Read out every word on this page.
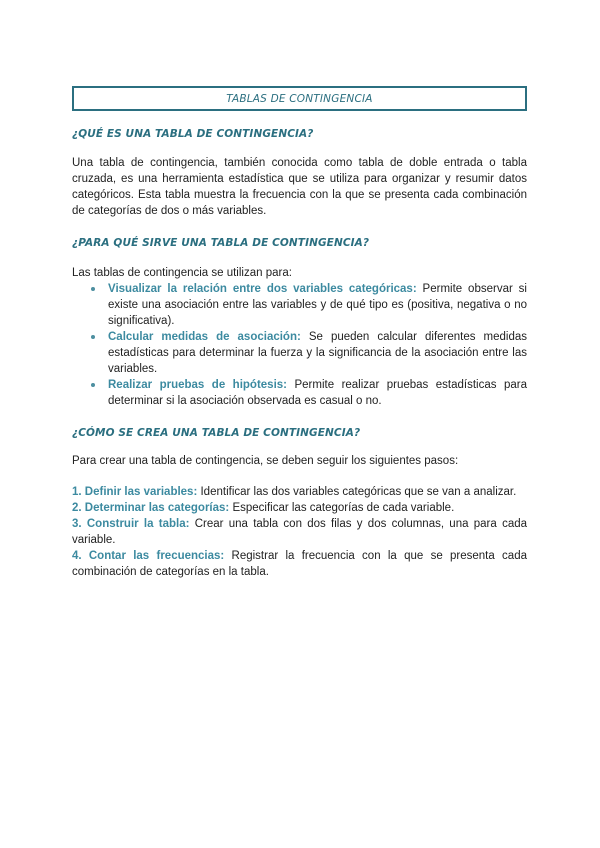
TABLAS DE CONTINGENCIA
¿QUÉ ES UNA TABLA DE CONTINGENCIA?

Una tabla de contingencia, también conocida como tabla de doble entrada o tabla cruzada, es una herramienta estadística que se utiliza para organizar y resumir datos categóricos. Esta tabla muestra la frecuencia con la que se presenta cada combinación de categorías de dos o más variables.

¿PARA QUÉ SIRVE UNA TABLA DE CONTINGENCIA?

Las tablas de contingencia se utilizan para:

Visualizar la relación entre dos variables categóricas: Permite observar si existe una asociación entre las variables y de qué tipo es (positiva, negativa o no significativa).
Calcular medidas de asociación: Se pueden calcular diferentes medidas estadísticas para determinar la fuerza y la significancia de la asociación entre las variables.
Realizar pruebas de hipótesis: Permite realizar pruebas estadísticas para determinar si la asociación observada es casual o no.
¿CÓMO SE CREA UNA TABLA DE CONTINGENCIA?

Para crear una tabla de contingencia, se deben seguir los siguientes pasos:

1. Definir las variables: Identificar las dos variables categóricas que se van a analizar.
2. Determinar las categorías: Especificar las categorías de cada variable.
3. Construir la tabla: Crear una tabla con dos filas y dos columnas, una para cada variable.
4. Contar las frecuencias: Registrar la frecuencia con la que se presenta cada combinación de categorías en la tabla.
